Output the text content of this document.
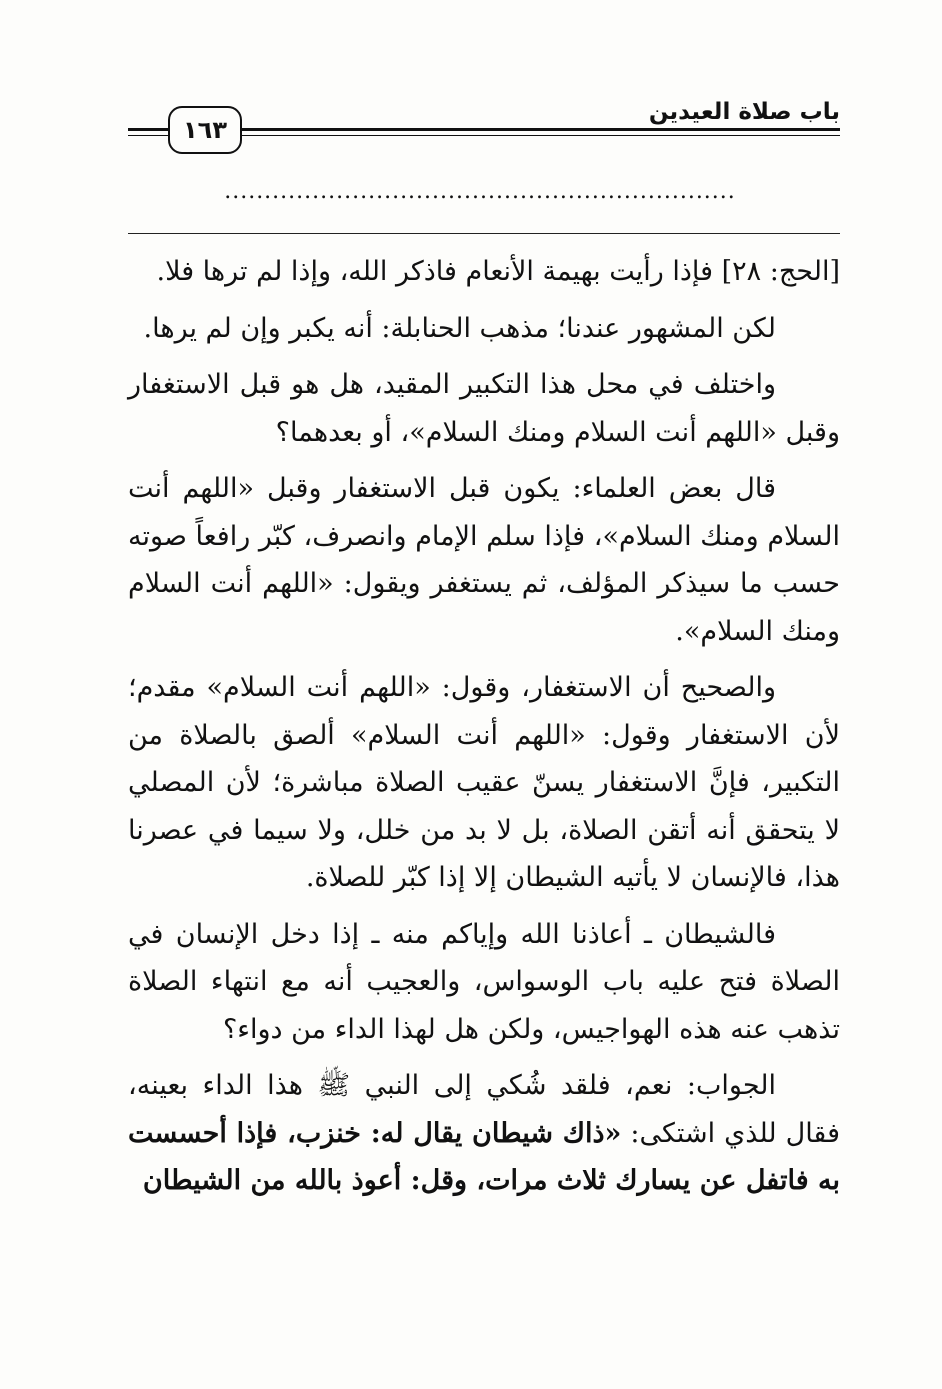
باب صلاة العيدين
١٦٣
................................................................

[الحج: ٢٨] فإذا رأيت بهيمة الأنعام فاذكر الله، وإذا لم ترها فلا.

لكن المشهور عندنا؛ مذهب الحنابلة: أنه يكبر وإن لم يرها.

واختلف في محل هذا التكبير المقيد، هل هو قبل الاستغفار وقبل «اللهم أنت السلام ومنك السلام»، أو بعدهما؟

قال بعض العلماء: يكون قبل الاستغفار وقبل «اللهم أنت السلام ومنك السلام»، فإذا سلم الإمام وانصرف، كبّر رافعاً صوته حسب ما سيذكر المؤلف، ثم يستغفر ويقول: «اللهم أنت السلام ومنك السلام».

والصحيح أن الاستغفار، وقول: «اللهم أنت السلام» مقدم؛ لأن الاستغفار وقول: «اللهم أنت السلام» ألصق بالصلاة من التكبير، فإنَّ الاستغفار يسنّ عقيب الصلاة مباشرة؛ لأن المصلي لا يتحقق أنه أتقن الصلاة، بل لا بد من خلل، ولا سيما في عصرنا هذا، فالإنسان لا يأتيه الشيطان إلا إذا كبّر للصلاة.

فالشيطان ـ أعاذنا الله وإياكم منه ـ إذا دخل الإنسان في الصلاة فتح عليه باب الوسواس، والعجيب أنه مع انتهاء الصلاة تذهب عنه هذه الهواجيس، ولكن هل لهذا الداء من دواء؟

الجواب: نعم، فلقد شُكي إلى النبي ﷺ هذا الداء بعينه، فقال للذي اشتكى: «ذاك شيطان يقال له: خنزب، فإذا أحسست به فاتفل عن يسارك ثلاث مرات، وقل: أعوذ بالله من الشيطان
